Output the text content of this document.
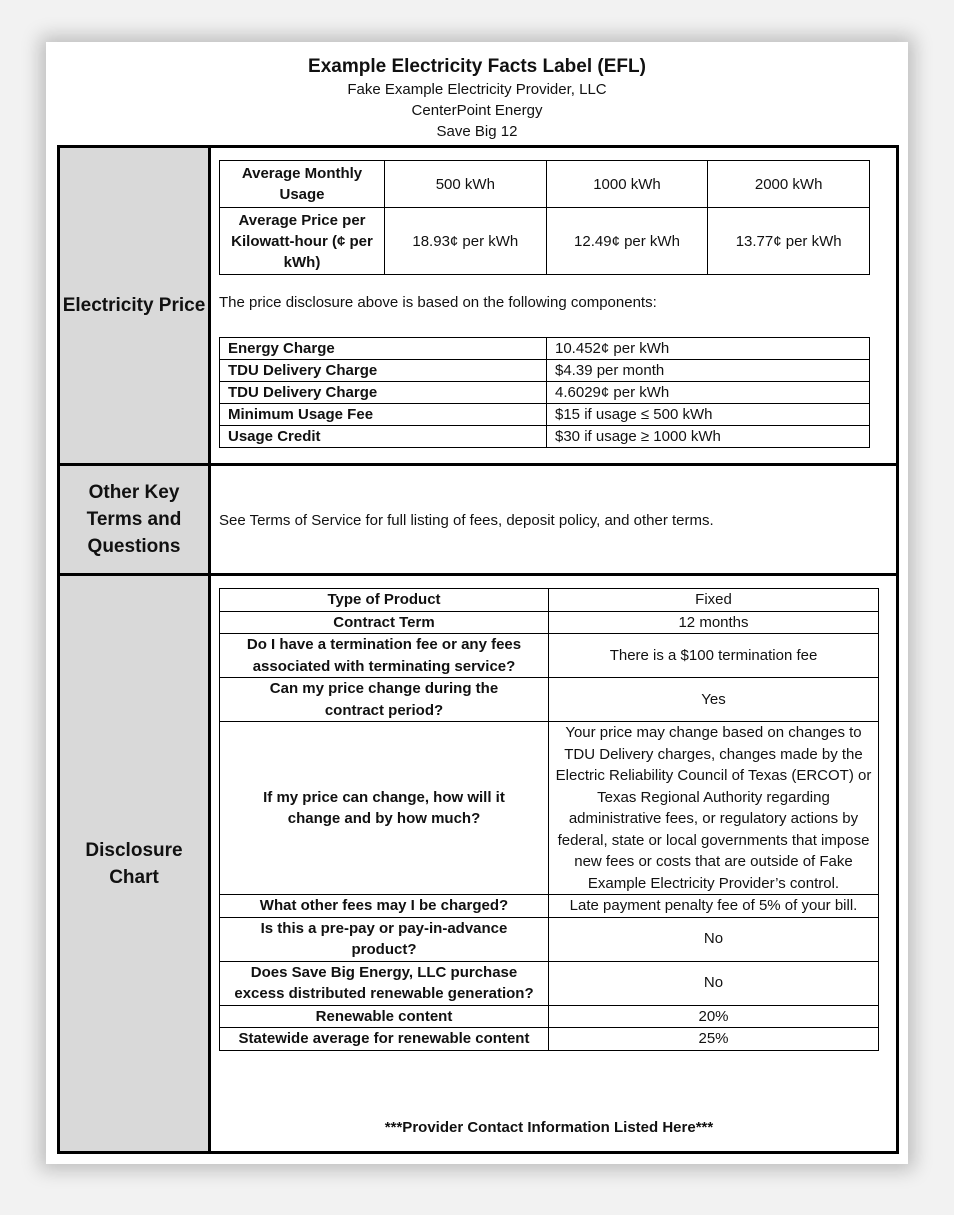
Example Electricity Facts Label (EFL)
Fake Example Electricity Provider, LLC
CenterPoint Energy
Save Big 12
Electricity Price
Average Monthly Usage	500 kWh	1000 kWh	2000 kWh
Average Price per Kilowatt-hour (¢ per kWh)	18.93¢ per kWh	12.49¢ per kWh	13.77¢ per kWh
The price disclosure above is based on the following components:
Energy Charge	10.452¢ per kWh
TDU Delivery Charge	$4.39 per month
TDU Delivery Charge	4.6029¢ per kWh
Minimum Usage Fee	$15 if usage ≤ 500 kWh
Usage Credit	$30 if usage ≥ 1000 kWh
Other Key Terms and Questions
See Terms of Service for full listing of fees, deposit policy, and other terms.
Disclosure Chart
Type of Product	Fixed
Contract Term	12 months
Do I have a termination fee or any fees associated with terminating service?	There is a $100 termination fee
Can my price change during the contract period?	Yes
If my price can change, how will it change and by how much?	Your price may change based on changes to TDU Delivery charges, changes made by the Electric Reliability Council of Texas (ERCOT) or Texas Regional Authority regarding administrative fees, or regulatory actions by federal, state or local governments that impose new fees or costs that are outside of Fake Example Electricity Provider’s control.
What other fees may I be charged?	Late payment penalty fee of 5% of your bill.
Is this a pre-pay or pay-in-advance product?	No
Does Save Big Energy, LLC purchase excess distributed renewable generation?	No
Renewable content	20%
Statewide average for renewable content	25%
***Provider Contact Information Listed Here***
